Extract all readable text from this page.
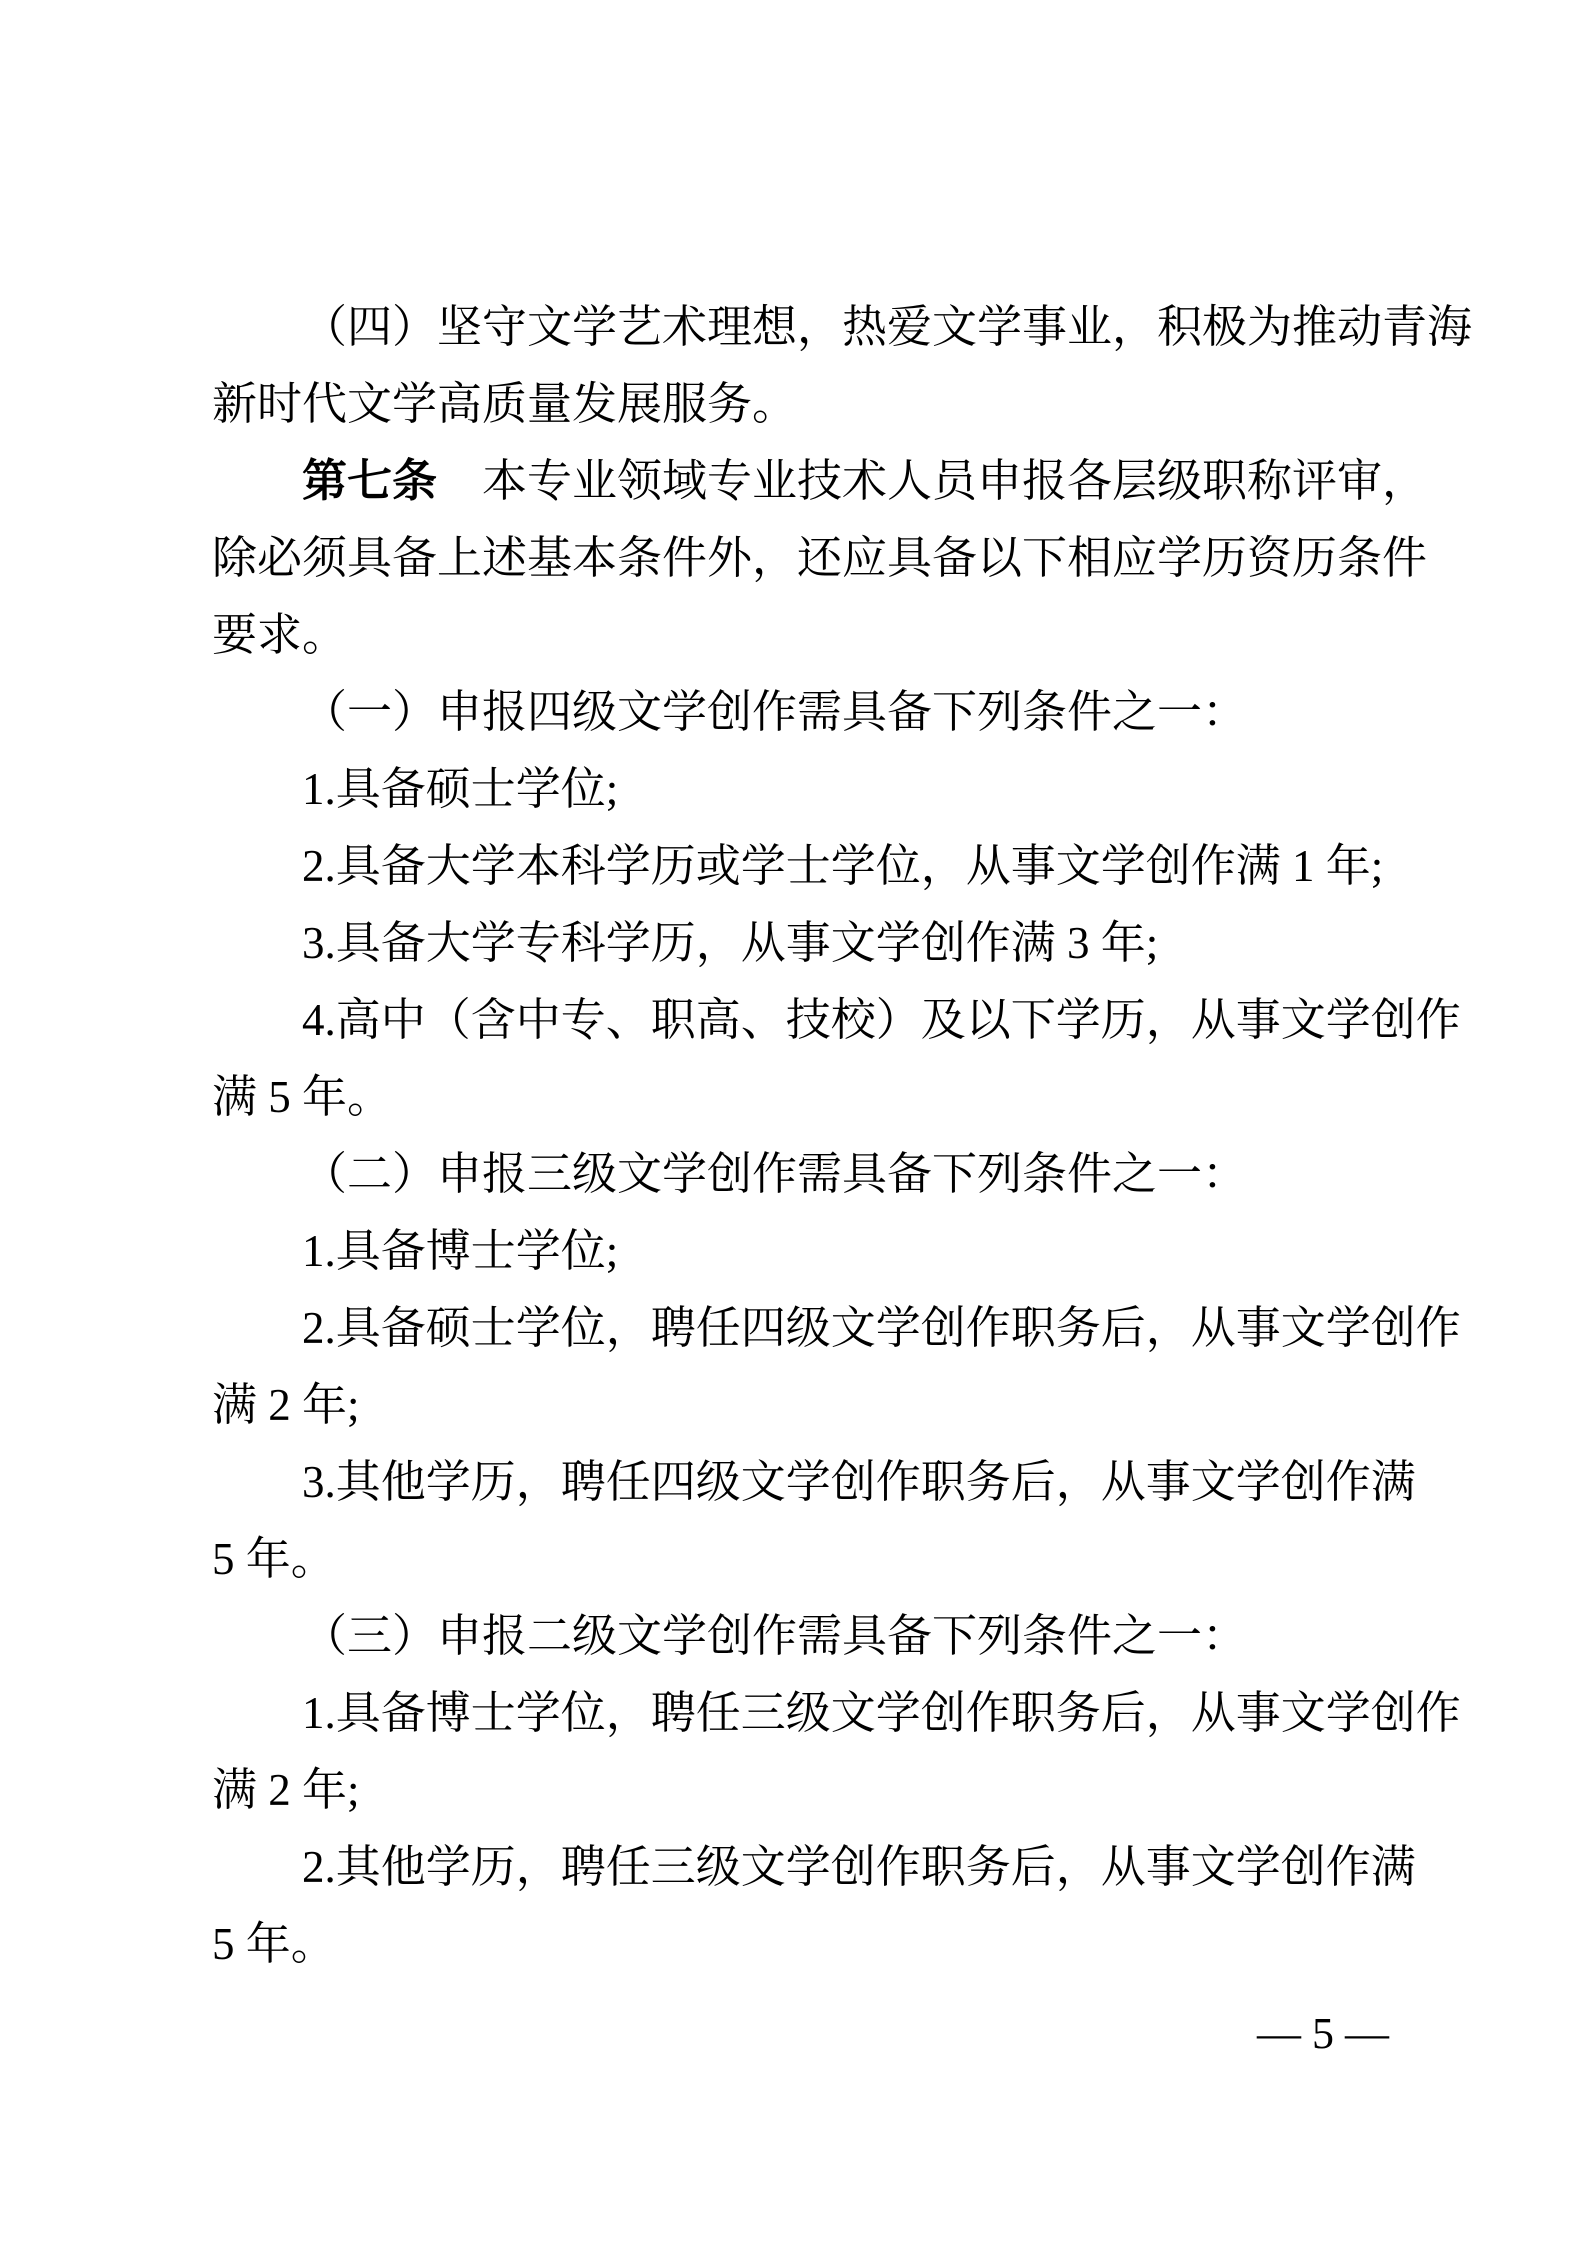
（四）坚守文学艺术理想，热爱文学事业，积极为推动青海
新时代文学高质量发展服务。
第七条　本专业领域专业技术人员申报各层级职称评审，
除必须具备上述基本条件外，还应具备以下相应学历资历条件
要求。
（一）申报四级文学创作需具备下列条件之一：
1.具备硕士学位;
2.具备大学本科学历或学士学位，从事文学创作满 1 年;
3.具备大学专科学历，从事文学创作满 3 年;
4.高中（含中专、职高、技校）及以下学历，从事文学创作
满 5 年。
（二）申报三级文学创作需具备下列条件之一：
1.具备博士学位;
2.具备硕士学位，聘任四级文学创作职务后，从事文学创作
满 2 年;
3.其他学历，聘任四级文学创作职务后，从事文学创作满
5 年。
（三）申报二级文学创作需具备下列条件之一：
1.具备博士学位，聘任三级文学创作职务后，从事文学创作
满 2 年;
2.其他学历，聘任三级文学创作职务后，从事文学创作满
5 年。
— 5 —
